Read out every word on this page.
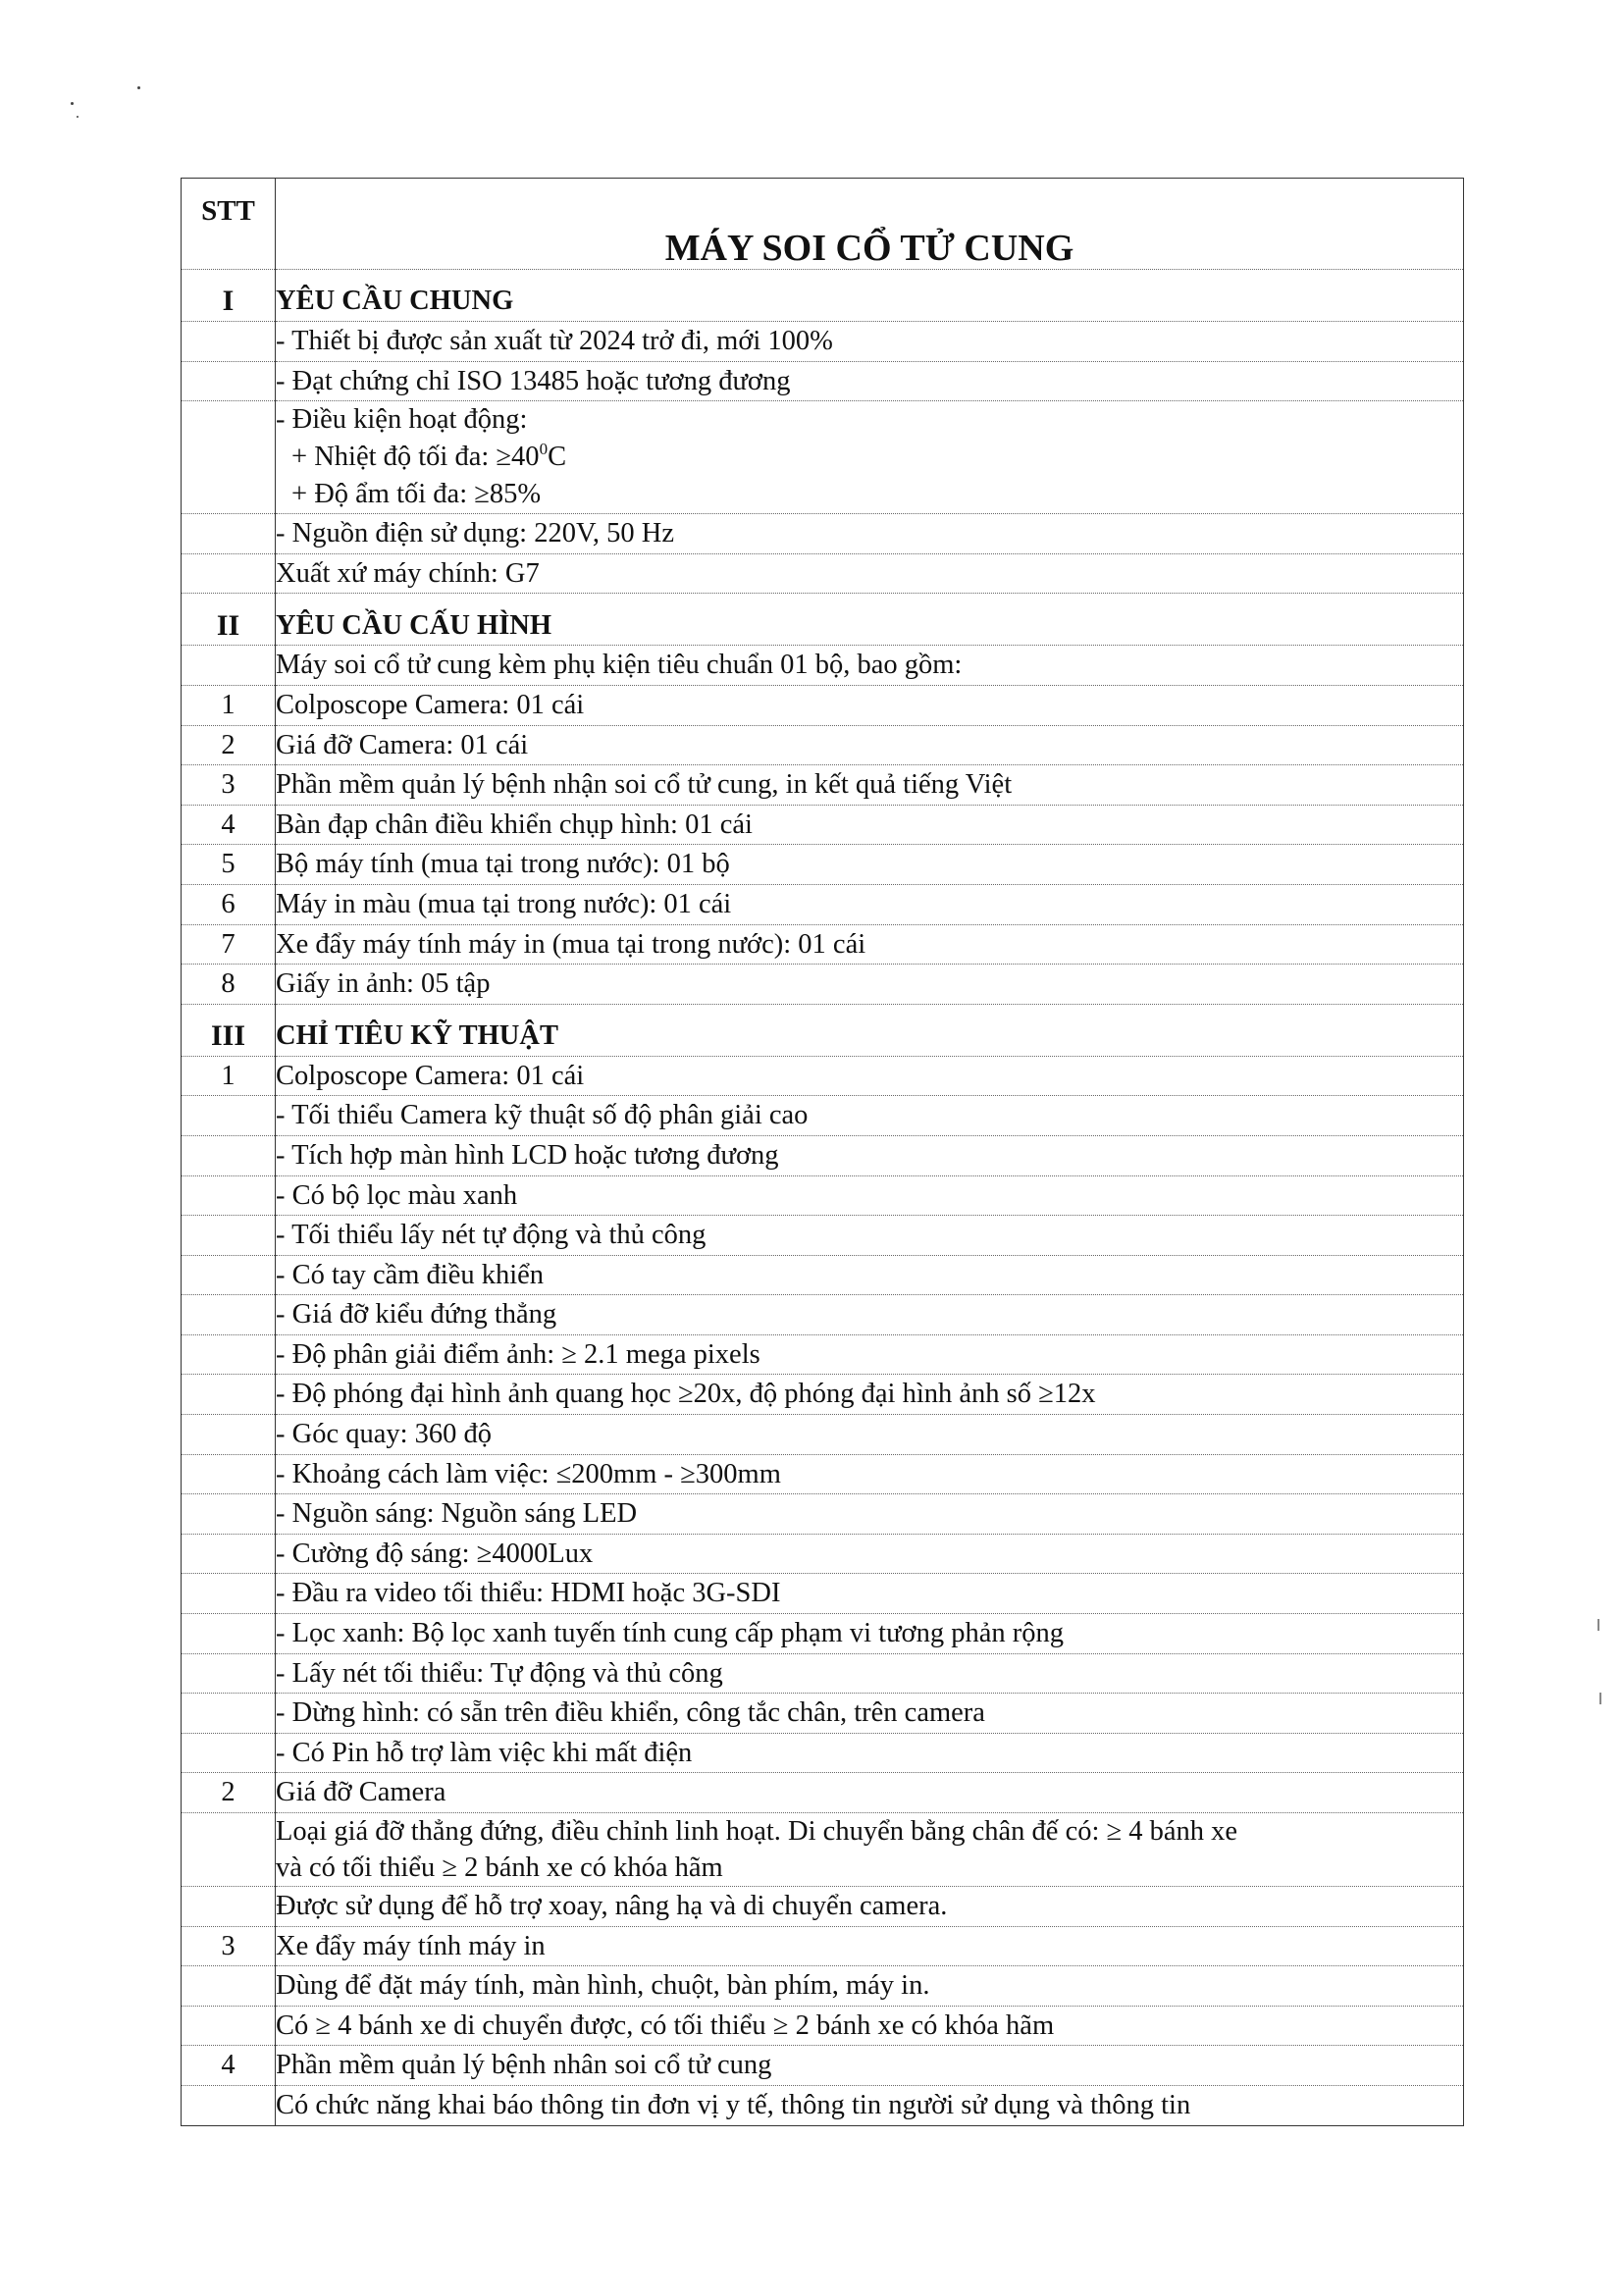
STT	MÁY SOI CỔ TỬ CUNG
I	YÊU CẦU CHUNG
	- Thiết bị được sản xuất từ 2024 trở đi, mới 100%
	- Đạt chứng chỉ ISO 13485 hoặc tương đương

	- Điều kiện hoạt động:
+ Nhiệt độ tối đa: $\ge 40^0C$
+ Độ ẩm tối đa: ≥85%

	- Nguồn điện sử dụng: 220V, 50 Hz
	Xuất xứ máy chính: G7
II	YÊU CẦU CẤU HÌNH
	Máy soi cổ tử cung kèm phụ kiện tiêu chuẩn 01 bộ, bao gồm:
1	Colposcope Camera: 01 cái
2	Giá đỡ Camera: 01 cái
3	Phần mềm quản lý bệnh nhận soi cổ tử cung, in kết quả tiếng Việt
4	Bàn đạp chân điều khiển chụp hình: 01 cái
5	Bộ máy tính (mua tại trong nước): 01 bộ
6	Máy in màu (mua tại trong nước): 01 cái
7	Xe đẩy máy tính máy in (mua tại trong nước): 01 cái
8	Giấy in ảnh: 05 tập
III	CHỈ TIÊU KỸ THUẬT
1	Colposcope Camera: 01 cái
	- Tối thiểu Camera kỹ thuật số độ phân giải cao
	- Tích hợp màn hình LCD hoặc tương đương
	- Có bộ lọc màu xanh
	- Tối thiểu lấy nét tự động và thủ công
	- Có tay cầm điều khiển
	- Giá đỡ kiểu đứng thẳng
	- Độ phân giải điểm ảnh: ≥ 2.1 mega pixels
	- Độ phóng đại hình ảnh quang học ≥20x, độ phóng đại hình ảnh số ≥12x
	- Góc quay: 360 độ
	- Khoảng cách làm việc: ≤200mm - ≥300mm
	- Nguồn sáng: Nguồn sáng LED
	- Cường độ sáng: ≥4000Lux
	- Đầu ra video tối thiểu: HDMI hoặc 3G-SDI
	- Lọc xanh: Bộ lọc xanh tuyến tính cung cấp phạm vi tương phản rộng
	- Lấy nét tối thiểu: Tự động và thủ công
	- Dừng hình: có sẵn trên điều khiển, công tắc chân, trên camera
	- Có Pin hỗ trợ làm việc khi mất điện
2	Giá đỡ Camera

	Loại giá đỡ thẳng đứng, điều chỉnh linh hoạt. Di chuyển bằng chân đế có: ≥ 4 bánh xe
và có tối thiểu ≥ 2 bánh xe có khóa hãm

	Được sử dụng để hỗ trợ xoay, nâng hạ và di chuyển camera.
3	Xe đẩy máy tính máy in
	Dùng để đặt máy tính, màn hình, chuột, bàn phím, máy in.
	Có ≥ 4 bánh xe di chuyển được, có tối thiểu ≥ 2 bánh xe có khóa hãm
4	Phần mềm quản lý bệnh nhân soi cổ tử cung
	Có chức năng khai báo thông tin đơn vị y tế, thông tin người sử dụng và thông tin
